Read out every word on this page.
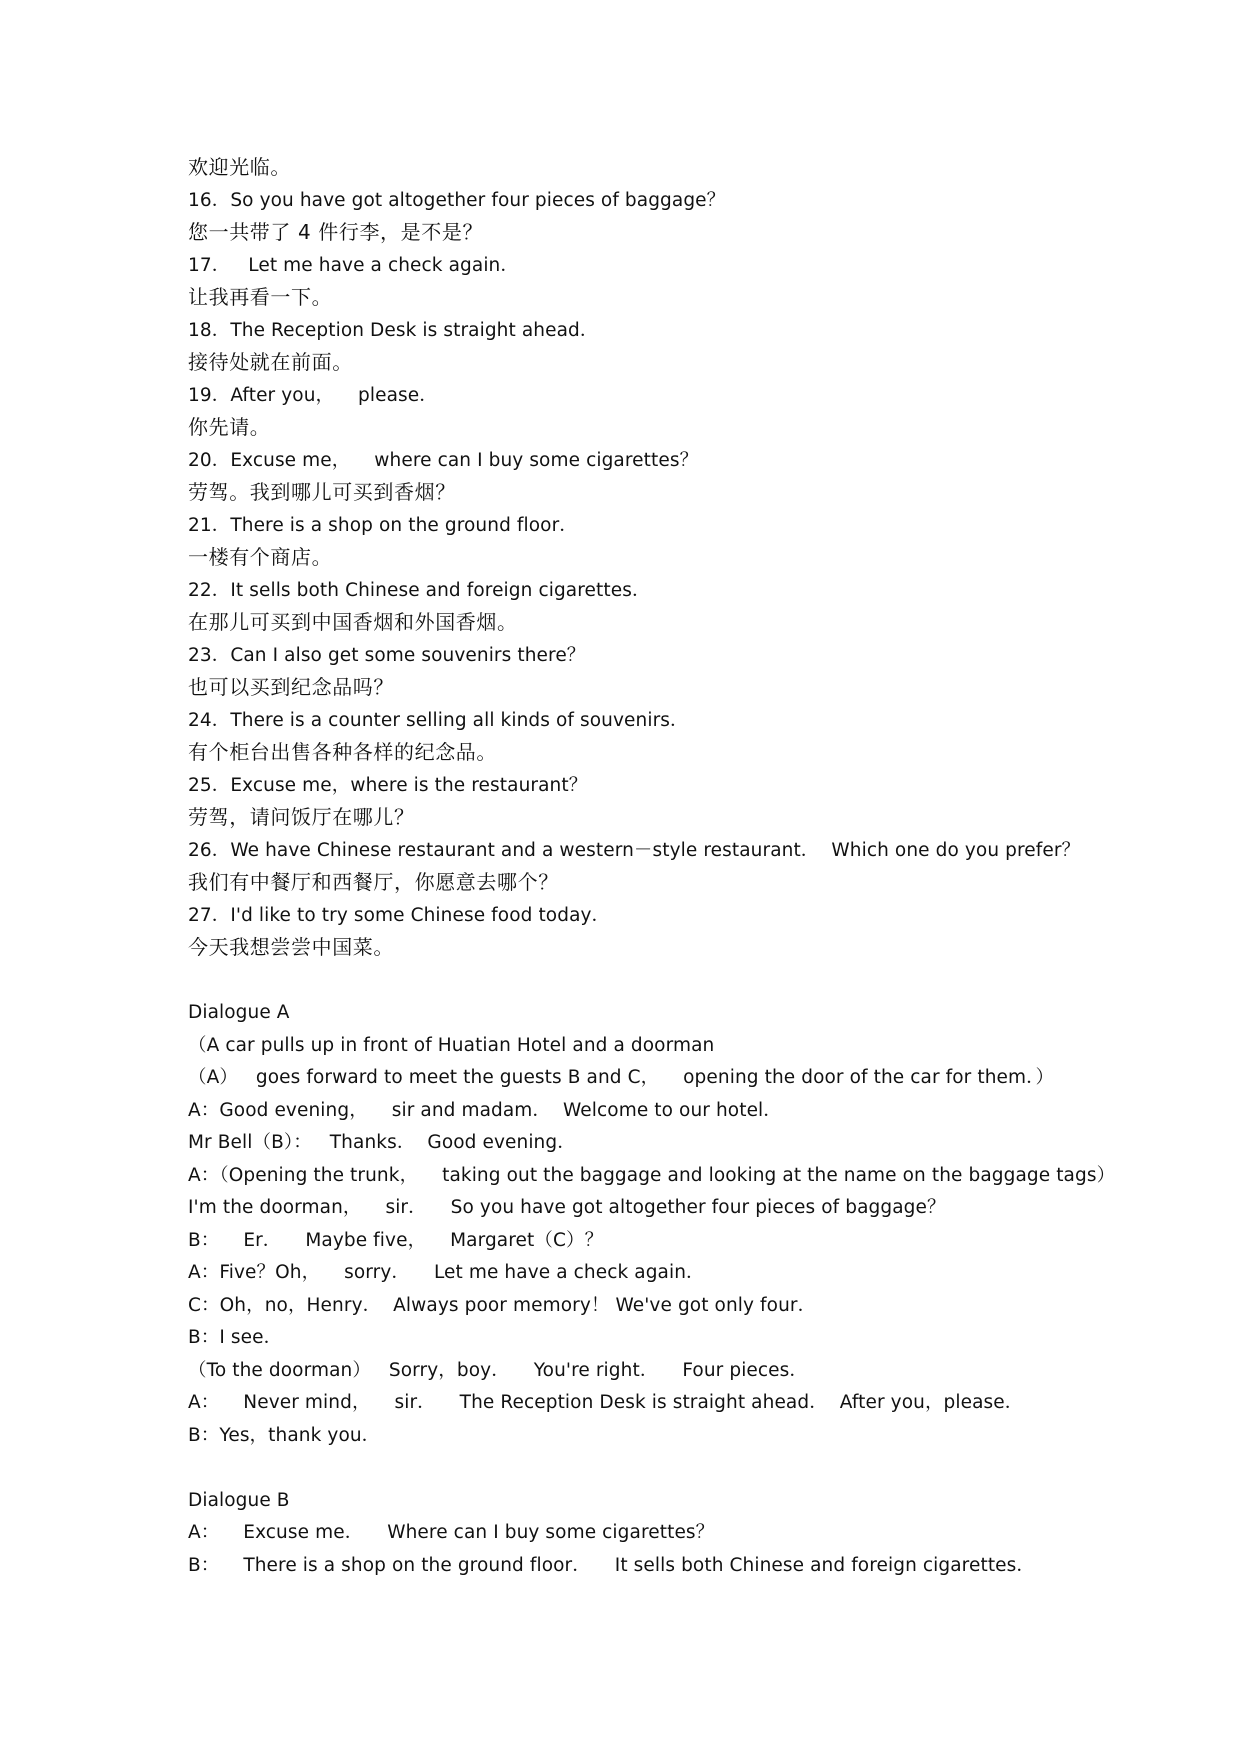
欢迎光临。
16．So you have got altogether four pieces of baggage？
您一共带了 4 件行李，是不是？
17．   Let me have a check again．
让我再看一下。
18．The Reception Desk is straight ahead．
接待处就在前面。
19．After you，    please．
你先请。
20．Excuse me，    where can I buy some cigarettes？
劳驾。我到哪儿可买到香烟？
21．There is a shop on the ground floor．
一楼有个商店。
22．It sells both Chinese and foreign cigarettes．
在那儿可买到中国香烟和外国香烟。
23．Can I also get some souvenirs there？
也可以买到纪念品吗？
24．There is a counter selling all kinds of souvenirs．
有个柜台出售各种各样的纪念品。
25．Excuse me，where is the restaurant？
劳驾，请问饭厅在哪儿？
26．We have Chinese restaurant and a western－style restaurant．  Which one do you prefer？
我们有中餐厅和西餐厅，你愿意去哪个？
27．I'd like to try some Chinese food today．
今天我想尝尝中国菜。
Dialogue A
（A car pulls up in front of Huatian Hotel and a doorman
（A）   goes forward to meet the guests B and C，    opening the door of the car for them．）
A：Good evening，    sir and madam．  Welcome to our hotel．
Mr Bell（B）：   Thanks．  Good evening．
A：（Opening the trunk，    taking out the baggage and looking at the name on the baggage tags）
I'm the doorman，    sir．    So you have got altogether four pieces of baggage？
B：    Er．    Maybe five，    Margaret（C）？
A：Five？Oh，    sorry．    Let me have a check again．
C：Oh，no，Henry．  Always poor memory！ We've got only four．
B：I see．
（To the doorman）   Sorry，boy．    You're right．    Four pieces．
A：    Never mind，    sir．    The Reception Desk is straight ahead．  After you，please．
B：Yes，thank you．
Dialogue B
A：    Excuse me．    Where can I buy some cigarettes？
B：    There is a shop on the ground floor．    It sells both Chinese and foreign cigarettes．
